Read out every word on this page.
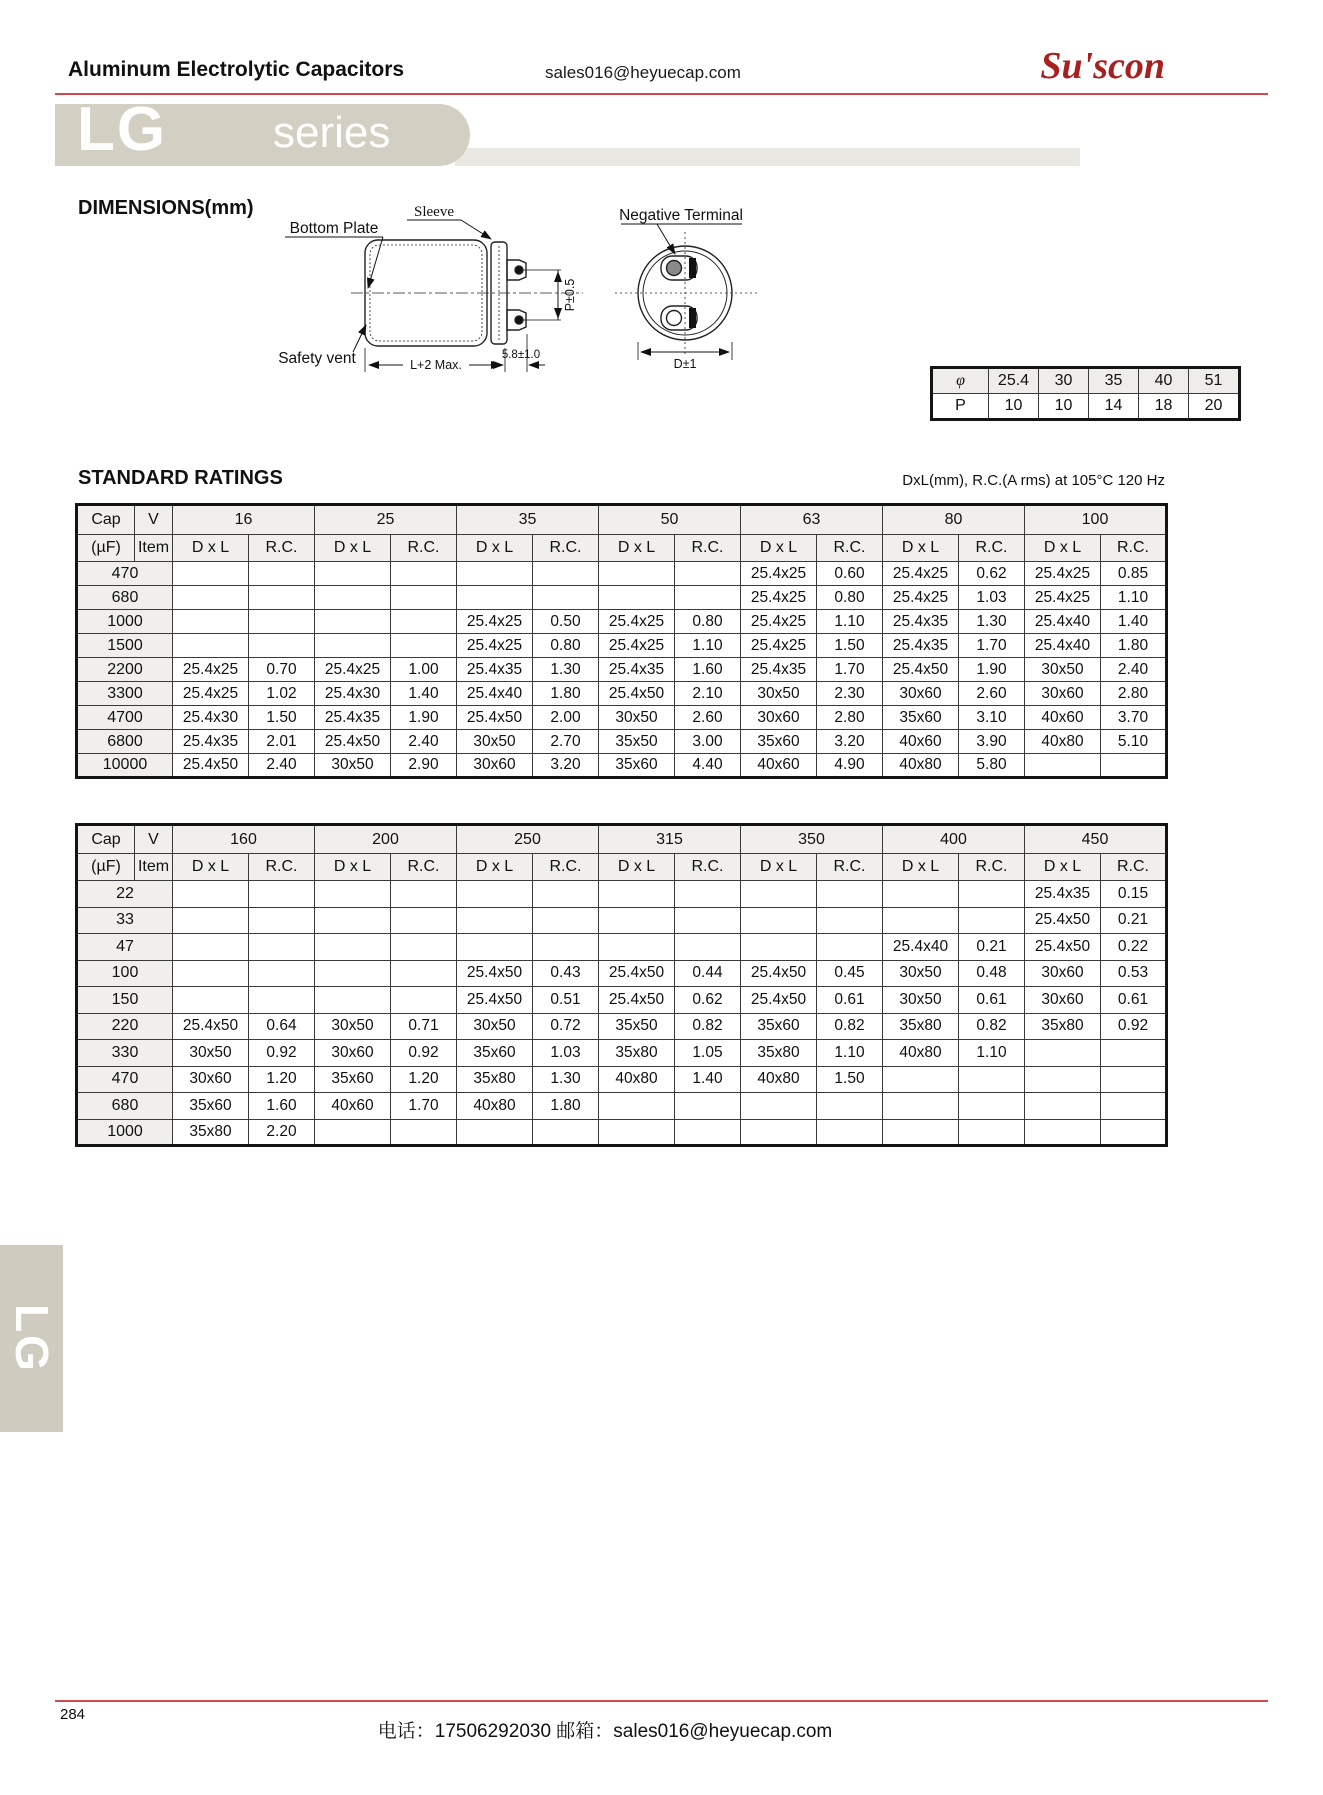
Aluminum Electrolytic Capacitors	sales016@heyuecap.com	Su'scon
LG series
DIMENSIONS(mm)
P±0.5
L+2 Max.
5.8±1.0
D±1
Sleeve
Bottom Plate
Negative Terminal
Safety vent
φ	25.4	30	35	40	51
P	10	10	14	18	20
STANDARD RATINGS	DxL(mm), R.C.(A rms) at 105°C 120 Hz
Cap	V	16		25		35		50		63		80		100	
(µF)	Item	D x L	R.C.	D x L	R.C.	D x L	R.C.	D x L	R.C.	D x L	R.C.	D x L	R.C.	D x L	R.C.
470										25.4x25	0.60	25.4x25	0.62	25.4x25	0.85
680										25.4x25	0.80	25.4x25	1.03	25.4x25	1.10
1000						25.4x25	0.50	25.4x25	0.80	25.4x25	1.10	25.4x35	1.30	25.4x40	1.40
1500						25.4x25	0.80	25.4x25	1.10	25.4x25	1.50	25.4x35	1.70	25.4x40	1.80
2200		25.4x25	0.70	25.4x25	1.00	25.4x35	1.30	25.4x35	1.60	25.4x35	1.70	25.4x50	1.90	30x50	2.40
3300		25.4x25	1.02	25.4x30	1.40	25.4x40	1.80	25.4x50	2.10	30x50	2.30	30x60	2.60	30x60	2.80
4700		25.4x30	1.50	25.4x35	1.90	25.4x50	2.00	30x50	2.60	30x60	2.80	35x60	3.10	40x60	3.70
6800		25.4x35	2.01	25.4x50	2.40	30x50	2.70	35x50	3.00	35x60	3.20	40x60	3.90	40x80	5.10
10000		25.4x50	2.40	30x50	2.90	30x60	3.20	35x60	4.40	40x60	4.90	40x80	5.80		
Cap	V	160		200		250		315		350		400		450	
(µF)	Item	D x L	R.C.	D x L	R.C.	D x L	R.C.	D x L	R.C.	D x L	R.C.	D x L	R.C.	D x L	R.C.
22														25.4x35	0.15
33														25.4x50	0.21
47												25.4x40	0.21	25.4x50	0.22
100						25.4x50	0.43	25.4x50	0.44	25.4x50	0.45	30x50	0.48	30x60	0.53
150						25.4x50	0.51	25.4x50	0.62	25.4x50	0.61	30x50	0.61	30x60	0.61
220		25.4x50	0.64	30x50	0.71	30x50	0.72	35x50	0.82	35x60	0.82	35x80	0.82	35x80	0.92
330		30x50	0.92	30x60	0.92	35x60	1.03	35x80	1.05	35x80	1.10	40x80	1.10		
470		30x60	1.20	35x60	1.20	35x80	1.30	40x80	1.40	40x80	1.50				
680		35x60	1.60	40x60	1.70	40x80	1.80								
1000		35x80	2.20												
LG
284
电话：17506292030 邮箱：sales016@heyuecap.com
